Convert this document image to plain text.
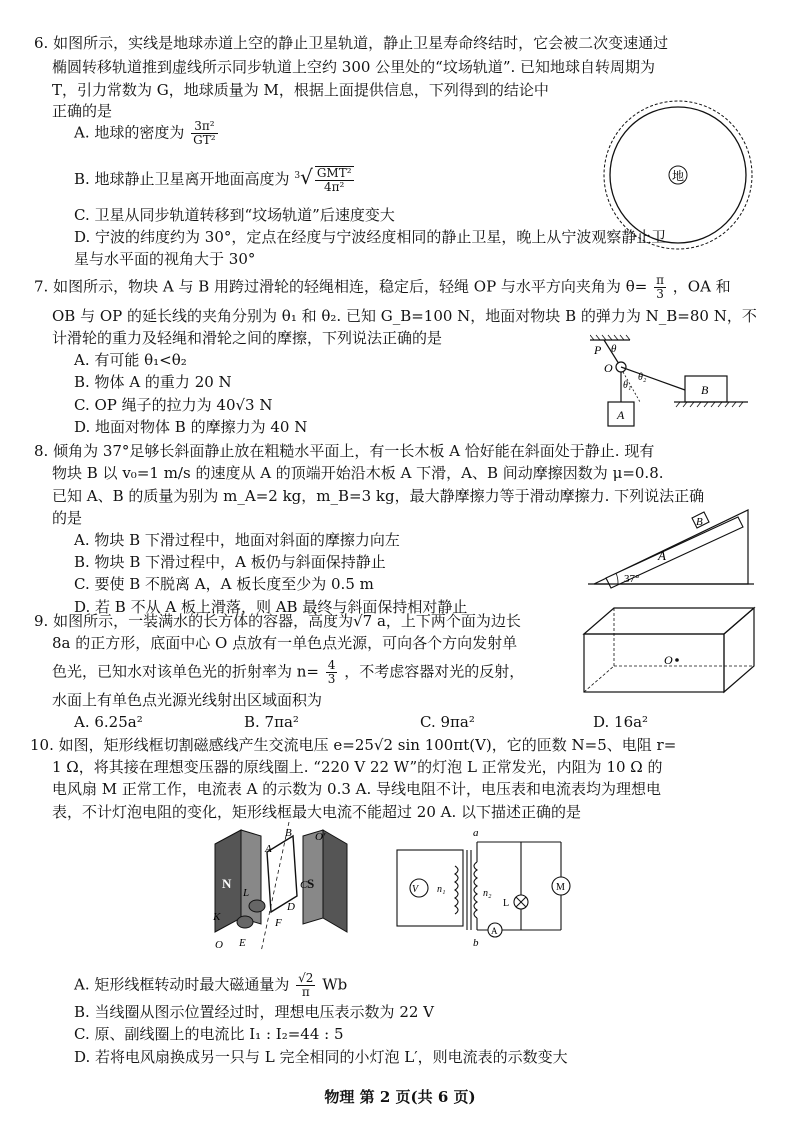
6. 如图所示，实线是地球赤道上空的静止卫星轨道，静止卫星寿命终结时，它会被二次变速通过
椭圆转移轨道推到虚线所示同步轨道上空约 300 公里处的“坟场轨道”. 已知地球自转周期为
T，引力常数为 G，地球质量为 M，根据上面提供信息，下列得到的结论中
正确的是
A. 地球的密度为 $\frac{\text{3π²}}{\text{GT²}}$
B. 地球静止卫星离开地面高度为 $^3√ \frac{\text{GMT²}}{\text{4π²}}$
C. 卫星从同步轨道转移到“坟场轨道”后速度变大
D. 宁波的纬度约为 30°，定点在经度与宁波经度相同的静止卫星，晚上从宁波观察静止卫
星与水平面的视角大于 30°
地
7. 如图所示，物块 A 与 B 用跨过滑轮的轻绳相连，稳定后，轻绳 OP 与水平方向夹角为 $\theta= \frac{\pi}{3}$ ，OA 和
OB 与 OP 的延长线的夹角分别为 θ₁ 和 θ₂. 已知 G_B=100 N，地面对物块 B 的弹力为 N_B=80 N，不
计滑轮的重力及轻绳和滑轮之间的摩擦，下列说法正确的是
A. 有可能 θ₁<θ₂
B. 物体 A 的重力 20 N
C. OP 绳子的拉力为 40√3 N
D. 地面对物体 B 的摩擦力为 40 N
P θ
O
θ₁
θ₂
A
B
8. 倾角为 37°足够长斜面静止放在粗糙水平面上，有一长木板 A 恰好能在斜面处于静止. 现有
物块 B 以 v₀=1 m/s 的速度从 A 的顶端开始沿木板 A 下滑，A、B 间动摩擦因数为 μ=0.8.
已知 A、B 的质量为别为 m_A=2 kg，m_B=3 kg，最大静摩擦力等于滑动摩擦力. 下列说法正确
的是
A. 物块 B 下滑过程中，地面对斜面的摩擦力向左
B. 物块 B 下滑过程中，A 板仍与斜面保持静止
C. 要使 B 不脱离 A，A 板长度至少为 0.5 m
D. 若 B 不从 A 板上滑落，则 AB 最终与斜面保持相对静止
A
B
37°
9. 如图所示，一装满水的长方体的容器，高度为√7 a，上下两个面为边长
8a 的正方形，底面中心 O 点放有一单色点光源，可向各个方向发射单
色光，已知水对该单色光的折射率为 $n= \frac{4}{3}$ ，不考虑容器对光的反射，
水面上有单色点光源光线射出区域面积为
A. 6.25a²	B. 7πa²	C. 9πa²	D. 16a²
O
10. 如图，矩形线框切割磁感线产生交流电压 e=25√2 sin 100πt(V)，它的匝数 N=5、电阻 r=
1 Ω，将其接在理想变压器的原线圈上. “220 V 22 W”的灯泡 L 正常发光，内阻为 10 Ω 的
电风扇 M 正常工作，电流表 A 的示数为 0.3 A. 导线电阻不计，电压表和电流表均为理想电
表，不计灯泡电阻的变化，矩形线框最大电流不能超过 20 A. 以下描述正确的是
N	S
B O′
A
C
D
L
K	F
E
O
V n₁	n₂
a
b
L
M
A
A. 矩形线框转动时最大磁通量为 $\frac{√2}{\pi}$ Wb
B. 当线圈从图示位置经过时，理想电压表示数为 22 V
C. 原、副线圈上的电流比 I₁ : I₂=44 : 5
D. 若将电风扇换成另一只与 L 完全相同的小灯泡 L′，则电流表的示数变大
物理 第 2 页(共 6 页)
